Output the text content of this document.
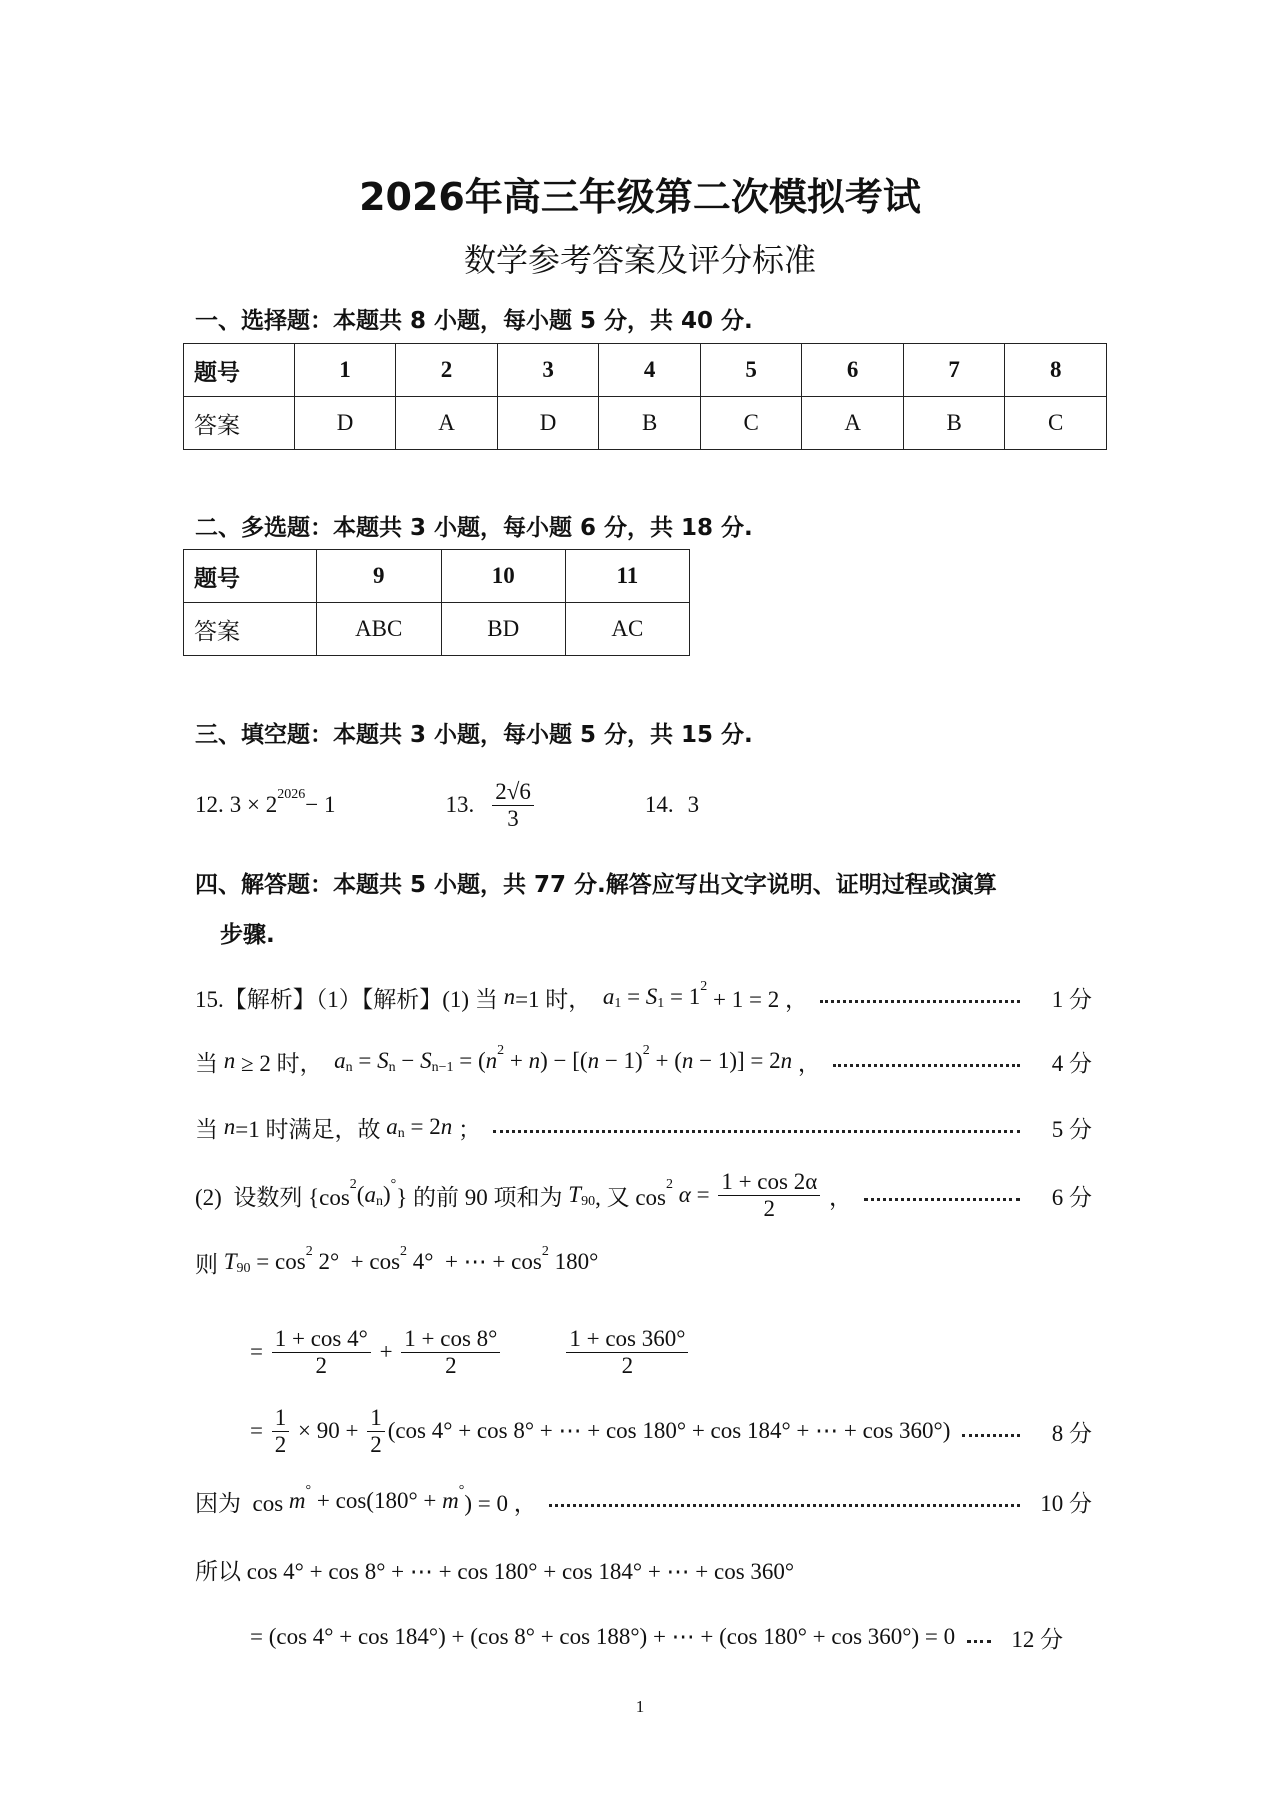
2026年高三年级第二次模拟考试
数学参考答案及评分标准
一、选择题：本题共 8 小题，每小题 5 分，共 40 分.
题号	1	2	3	4	5	6	7	8
答案	D	A	D	B	C	A	B	C
二、多选题：本题共 3 小题，每小题 6 分，共 18 分.
题号	9	10	11
答案	ABC	BD	AC
三、填空题：本题共 3 小题，每小题 5 分，共 15 分.
12. 3 × 2 2026 − 1	13. $\frac{2√6}{3}$	14. 3
四、解答题：本题共 5 小题，共 77 分.解答应写出文字说明、证明过程或演算
步骤.
15.【解析】（1）【解析】(1) 当 n =1 时， a 1 = S 1 = 1 2 + 1 = 2 ，	1 分
当 n ≥ 2 时， a n = S n − S n−1 = ( n 2 + n ) − [( n − 1) 2 + ( n − 1)] = 2 n ，	4 分
当 n =1 时满足，故 a n = 2 n ；	5 分
(2)  设数列 {cos 2 ( a n ) ° } 的前 90 项和为 T 90 , 又 cos 2
$\alpha = \frac{1 + \cos 2\alpha}{2}$ ，	6 分
则 T 90 = cos 2 2°  + cos 2 4°  + ⋯ + cos 2 180°
= $\frac{1 + \cos 4^\circ}{2} + \frac{1 + \cos 8^\circ}{2}$	$\frac{1 + \cos 360^\circ}{2}$
= $\frac{1}{2} \times 90 + \frac{1}{2} (\cos$ 4° + cos 8° + ⋯ + cos 180° + cos 184° + ⋯ + cos 360°)	8 分
因为  cos m ° + cos(180° + m ° ) = 0 ，	10 分
所以 cos 4° + cos 8° + ⋯ + cos 180° + cos 184° + ⋯ + cos 360°
= (cos 4° + cos 184°) + (cos 8° + cos 188°) + ⋯ + (cos 180° + cos 360°) = 0	12 分
1
